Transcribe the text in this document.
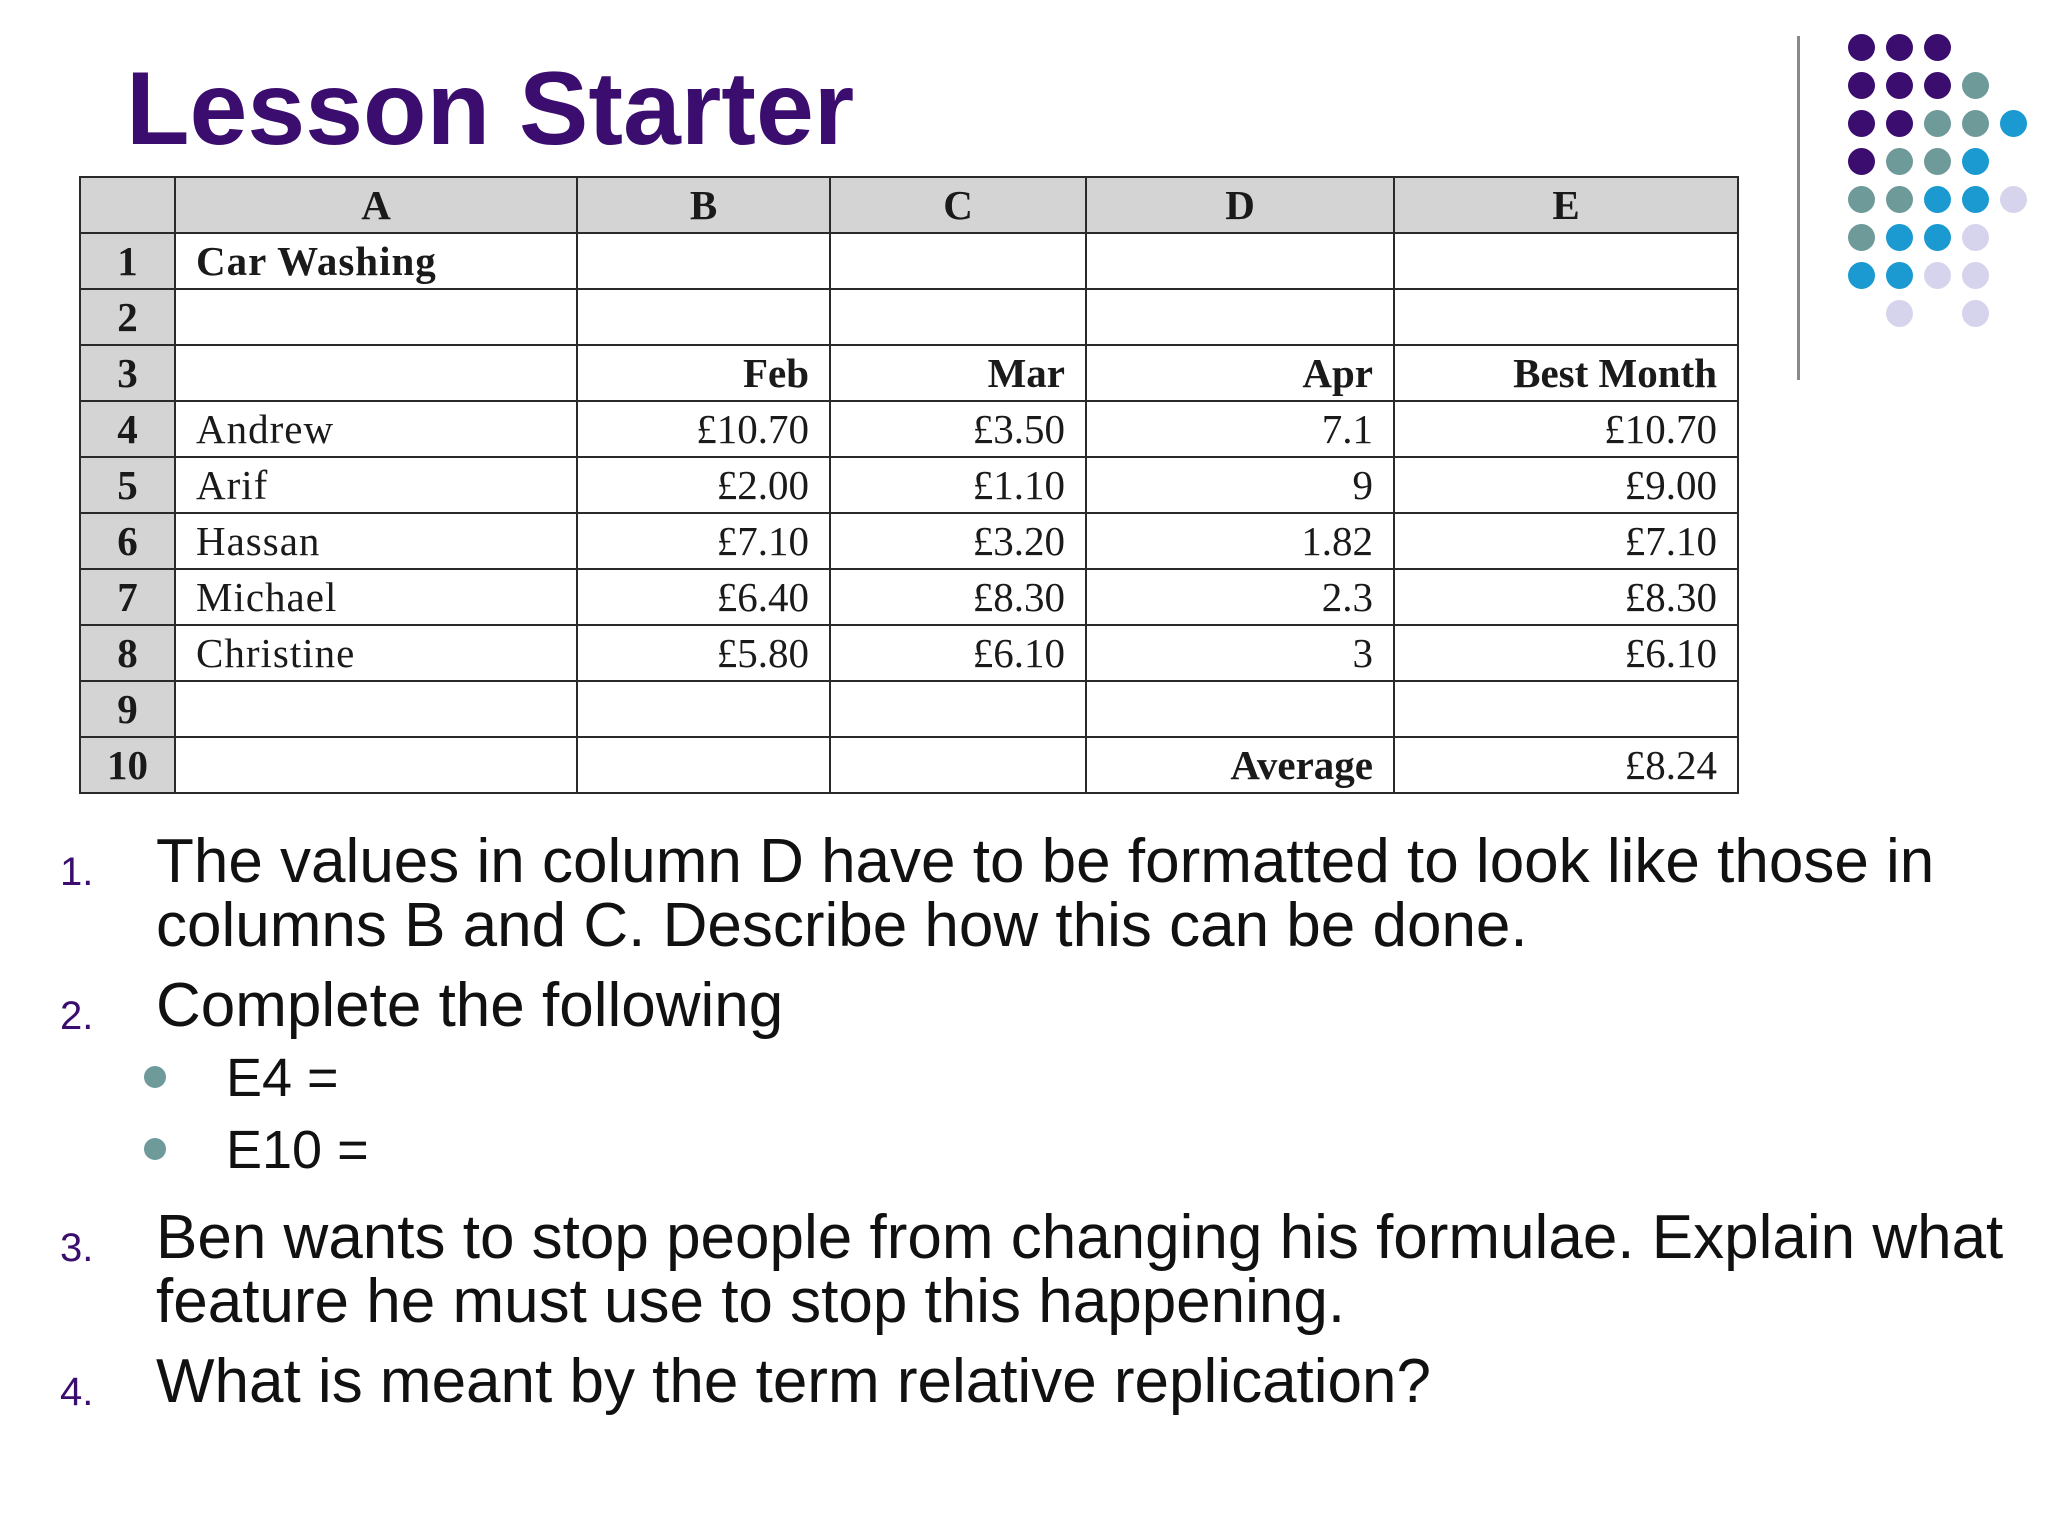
Lesson Starter
	A	B	C	D	E
1	Car Washing				
2					
3		Feb	Mar	Apr	Best Month
4	Andrew	£10.70	£3.50	7.1	£10.70
5	Arif	£2.00	£1.10	9	£9.00
6	Hassan	£7.10	£3.20	1.82	£7.10
7	Michael	£6.40	£8.30	2.3	£8.30
8	Christine	£5.80	£6.10	3	£6.10
9					
10				Average	£8.24
1. The values in column D have to be formatted to look like those in columns B and C. Describe how this can be done.
2. Complete the following
E4 =
E10 =
3. Ben wants to stop people from changing his formulae. Explain what feature he must use to stop this happening.
4. What is meant by the term relative replication?
